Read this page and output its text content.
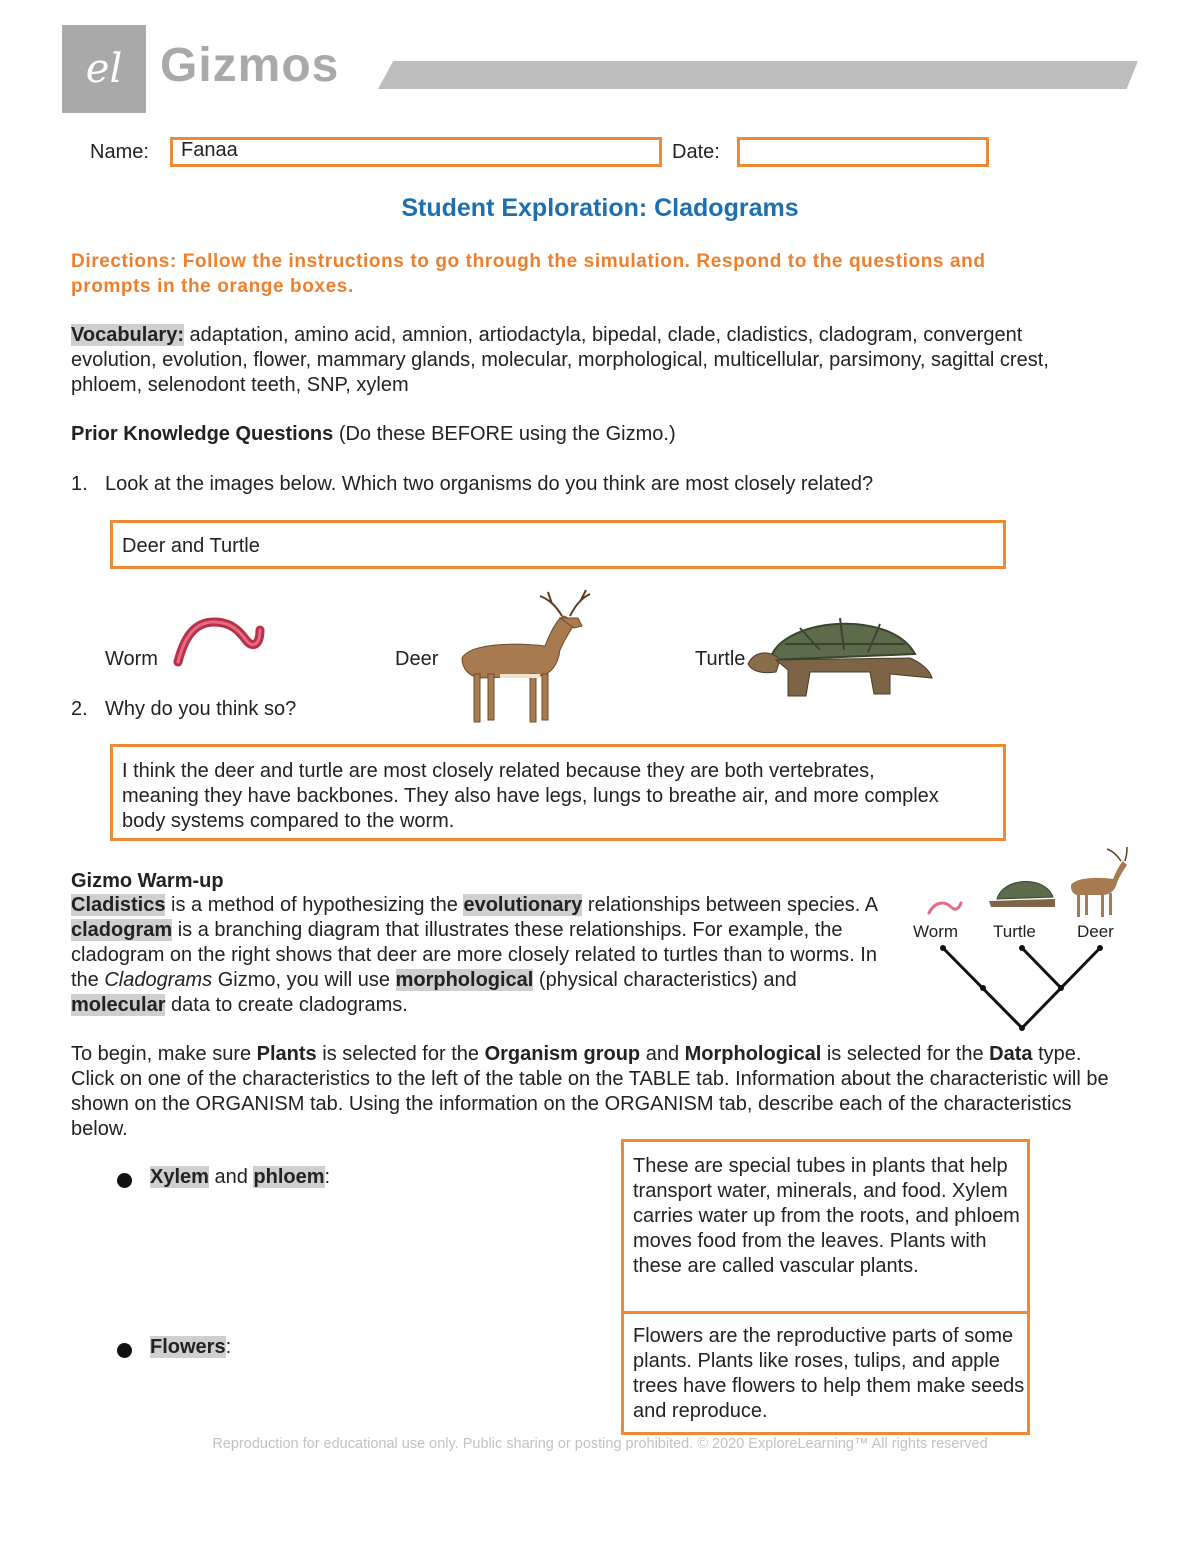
el Gizmos
Name:	Fanaa	Date:
Student Exploration: Cladograms
Directions: Follow the instructions to go through the simulation. Respond to the questions and prompts in the orange boxes.
Vocabulary: adaptation, amino acid, amnion, artiodactyla, bipedal, clade, cladistics, cladogram, convergent evolution, evolution, flower, mammary glands, molecular, morphological, multicellular, parsimony, sagittal crest, phloem, selenodont teeth, SNP, xylem
Prior Knowledge Questions (Do these BEFORE using the Gizmo.)
1. Look at the images below. Which two organisms do you think are most closely related?
Deer and Turtle
Worm	Deer	Turtle
2. Why do you think so?
I think the deer and turtle are most closely related because they are both vertebrates, meaning they have backbones. They also have legs, lungs to breathe air, and more complex body systems compared to the worm.
Gizmo Warm-up
Cladistics is a method of hypothesizing the evolutionary relationships between species. A cladogram is a branching diagram that illustrates these relationships. For example, the cladogram on the right shows that deer are more closely related to turtles than to worms. In the Cladograms Gizmo, you will use morphological (physical characteristics) and molecular data to create cladograms.
Worm Turtle Deer
To begin, make sure Plants is selected for the Organism group and Morphological is selected for the Data type. Click on one of the characteristics to the left of the table on the TABLE tab. Information about the characteristic will be shown on the ORGANISM tab. Using the information on the ORGANISM tab, describe each of the characteristics below.
Xylem and phloem:	These are special tubes in plants that help transport water, minerals, and food. Xylem carries water up from the roots, and phloem moves food from the leaves. Plants with these are called vascular plants.
Flowers:	Flowers are the reproductive parts of some plants. Plants like roses, tulips, and apple trees have flowers to help them make seeds and reproduce.
Reproduction for educational use only. Public sharing or posting prohibited. © 2020 ExploreLearning™ All rights reserved
